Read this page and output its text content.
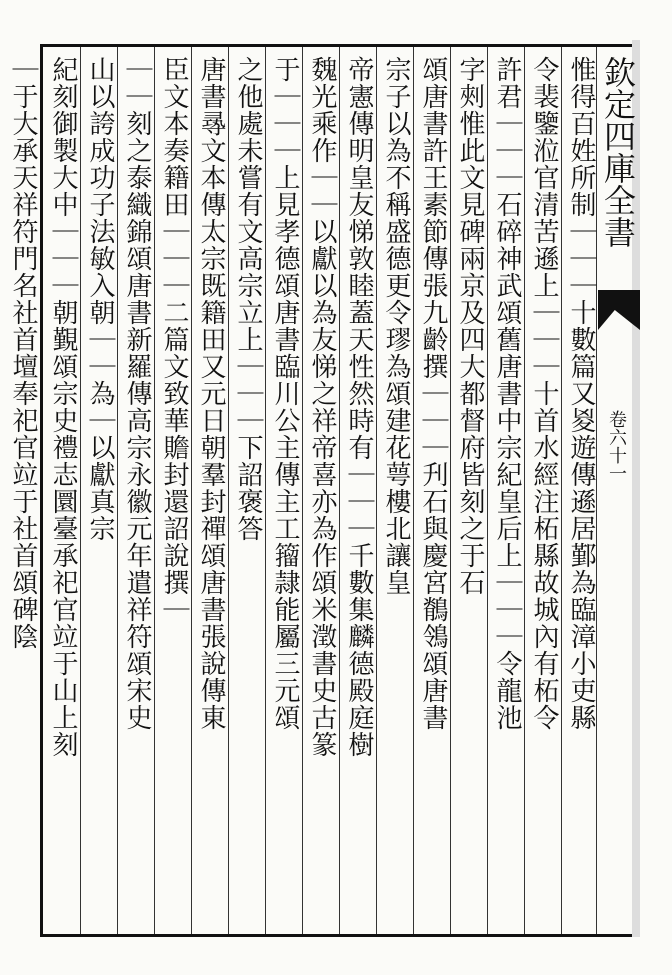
欽定四庫全書
卷六十一
惟得百姓所制｜｜｜十數篇又㚇遊傳遜居鄞為臨漳小吏縣
令裴鑒涖官清苦遜上｜｜｜十首水經注柘縣故城內有柘令
許君｜｜｜石碎神武頌舊唐書中宗紀皇后上｜｜｜令龍池
字㓨惟此文見碑兩京及四大都督府皆刻之于石
頌唐書許王素節傳張九齡撰｜｜｜刋石與慶宮鶺鴒頌唐書
宗子以為不稱盛德更令璆為頌建花萼樓北讓皇
帝憲傳明皇友悌敦睦蓋天性然時有｜｜｜千數集麟德殿庭樹
魏光乘作｜｜以獻以為友悌之祥帝喜亦為作頌米澂書史古篆
于｜｜｜上見孝德頌唐書臨川公主傳主工籀隷能屬三元頌
之他處未嘗有文高宗立上｜｜｜下詔褒答
唐書㝷文本傳太宗既籍田又元日朝羣封禪頌唐書張說傳東
臣文本奏籍田｜｜｜二篇文致華贍封還詔說撰｜
｜｜刻之泰織錦頌唐書新羅傳高宗永徽元年遣祥符頌宋史
山以誇成功子法敏入朝｜｜為｜以獻真宗
紀刻御製大中｜｜｜朝覲頌宗史禮志圜臺承祀官竝于山上刻
｜于大承天祥符門名社首壇奉祀官竝于社首頌碑陰
